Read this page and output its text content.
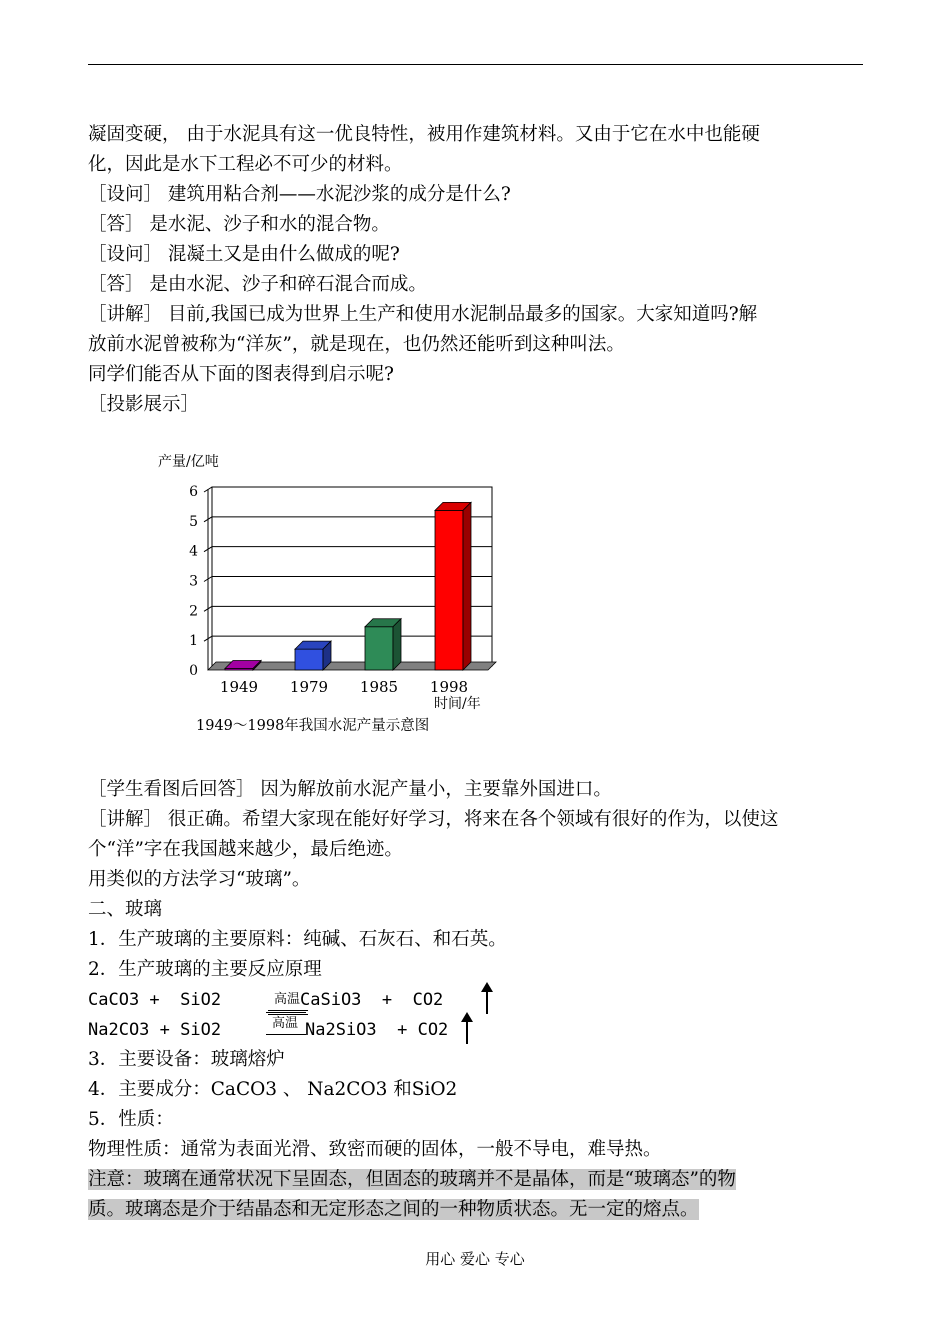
凝固变硬， 由于水泥具有这一优良特性，被用作建筑材料。又由于它在水中也能硬
化，因此是水下工程必不可少的材料。
［设问］ 建筑用粘合剂——水泥沙浆的成分是什么?
［答］ 是水泥、沙子和水的混合物。
［设问］ 混凝土又是由什么做成的呢?
［答］ 是由水泥、沙子和碎石混合而成。
［讲解］ 目前,我国已成为世界上生产和使用水泥制品最多的国家。大家知道吗?解
放前水泥曾被称为“洋灰”，就是现在，也仍然还能听到这种叫法。
同学们能否从下面的图表得到启示呢?
［投影展示］
0
1
2
3
4
5
6
1949 1979 1985 1998
产量/亿吨
时间/年
1949～1998年我国水泥产量示意图
［学生看图后回答］ 因为解放前水泥产量小，主要靠外国进口。
［讲解］ 很正确。希望大家现在能好好学习，将来在各个领域有很好的作为，以使这
个“洋”字在我国越来越少，最后绝迹。
用类似的方法学习“玻璃”。
二、玻璃
1．生产玻璃的主要原料：纯碱、石灰石、和石英。
2．生产玻璃的主要反应原理
CaCO3 +  SiO2	高温 CaSiO3  +  CO2
Na2CO3 + SiO2	高温 Na2SiO3  + CO2
3．主要设备：玻璃熔炉
4．主要成分：CaCO3 、 Na2CO3 和SiO2
5．性质：
物理性质：通常为表面光滑、致密而硬的固体，一般不导电，难导热。
注意：玻璃在通常状况下呈固态，但固态的玻璃并不是晶体，而是“玻璃态”的物
质。玻璃态是介于结晶态和无定形态之间的一种物质状态。无一定的熔点。
用心 爱心 专心
